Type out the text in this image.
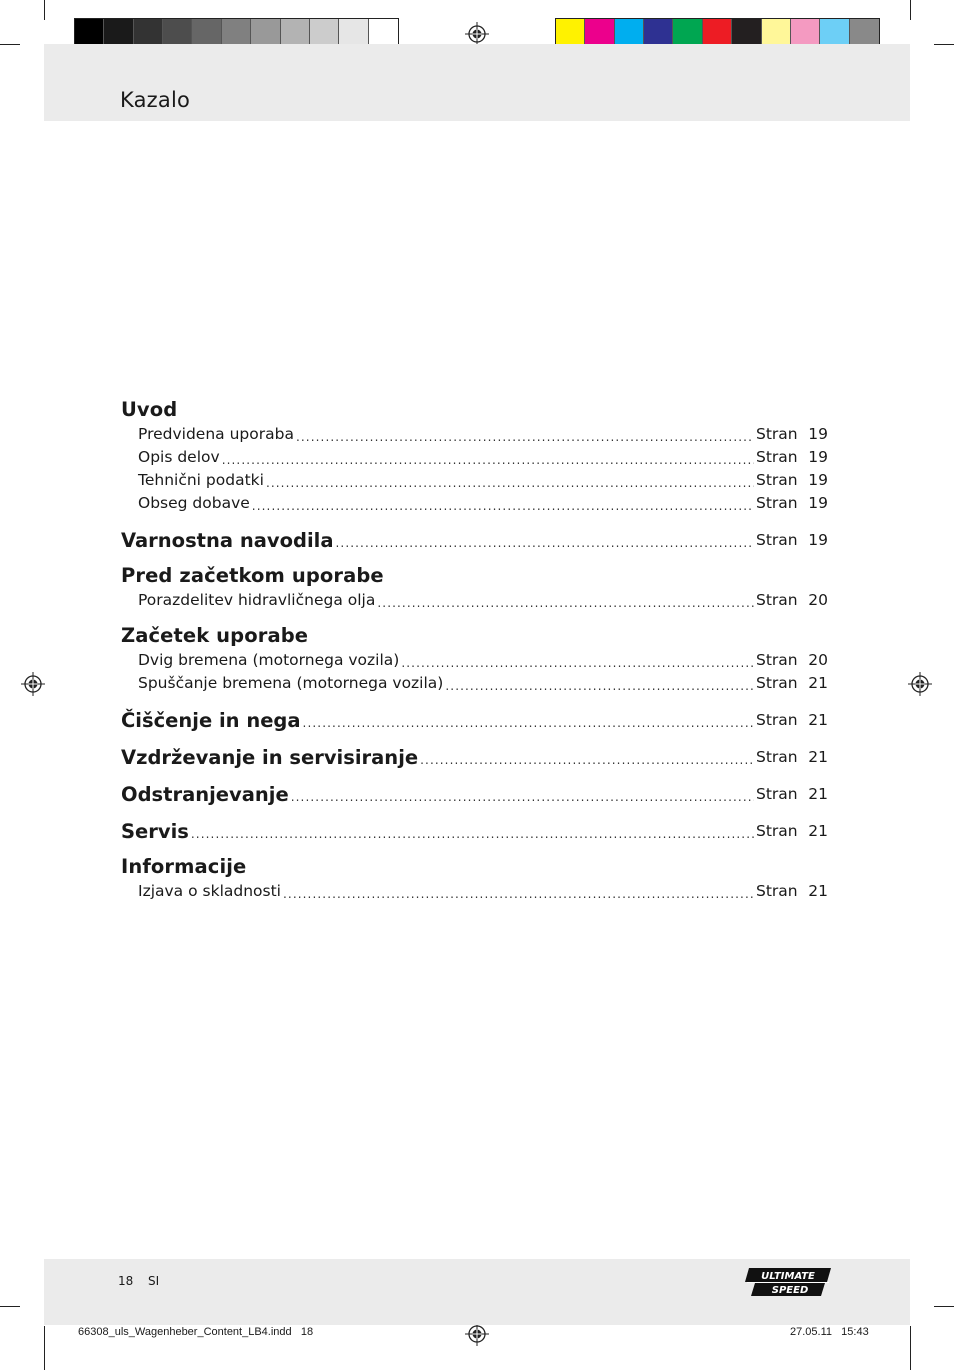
Kazalo
Uvod
Predvidena uporaba .....	Stran 19
Opis delov .....	Stran 19
Tehnični podatki .....	Stran 19
Obseg dobave .....	Stran 19
Varnostna navodila .....	Stran 19
Pred začetkom uporabe
Porazdelitev hidravličnega olja .....	Stran 20
Začetek uporabe
Dvig bremena (motornega vozila) .....	Stran 20
Spuščanje bremena (motornega vozila) .....	Stran 21
Čiščenje in nega .....	Stran 21
Vzdrževanje in servisiranje .....	Stran 21
Odstranjevanje .....	Stran 21
Servis .....	Stran 21
Informacije
Izjava o skladnosti .....	Stran 21
18 SI	ULTIMATE
SPEED
66308_uls_Wagenheber_Content_LB4.indd   18	27.05.11   15:43
